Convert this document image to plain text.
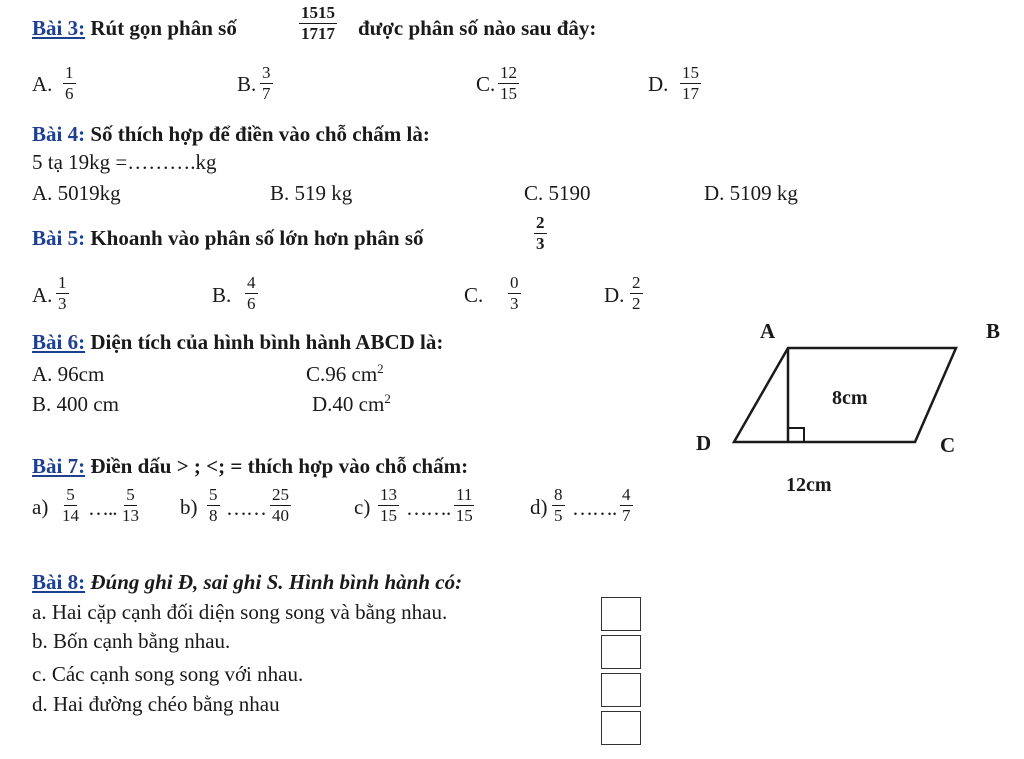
Bài 3: Rút gọn phân số	$\frac{1515}{1717}$ được phân số nào sau đây:
A. $\frac{1}{6}$	B. $\frac{3}{7}$	C. $\frac{12}{15}$	D. $\frac{15}{17}$
Bài 4: Số thích hợp để điền vào chỗ chấm là:
5 tạ 19kg =……….kg
A. 5019kg	B. 519 kg	C. 5190	D. 5109 kg
Bài 5: Khoanh vào phân số lớn hơn phân số	$\frac{2}{3}$
A. $\frac{1}{3}$	B. $\frac{4}{6}$	C. $\frac{0}{3}$	D. $\frac{2}{2}$
Bài 6: Diện tích của hình bình hành ABCD là:
A. 96cm	C.96 $cm^2$
B. 400 cm	D.40 $cm^2$
A	B
C
D
8cm
12cm
Bài 7: Điền dấu > ; <; = thích hợp vào chỗ chấm:
$a) \frac{5}{14}$ ….. $\frac{5}{13} b) \frac{5}{8}$ …… $\frac{25}{40}$	$c) \frac{13}{15}$ ……. $\frac{11}{15}$	$d) \frac{8}{5}$ ……. $\frac{4}{7}$
Bài 8: Đúng ghi Đ, sai ghi S. Hình bình hành có:
a. Hai cặp cạnh đối diện song song và bằng nhau.
b. Bốn cạnh bằng nhau.
c. Các cạnh song song với nhau.
d. Hai đường chéo bằng nhau
